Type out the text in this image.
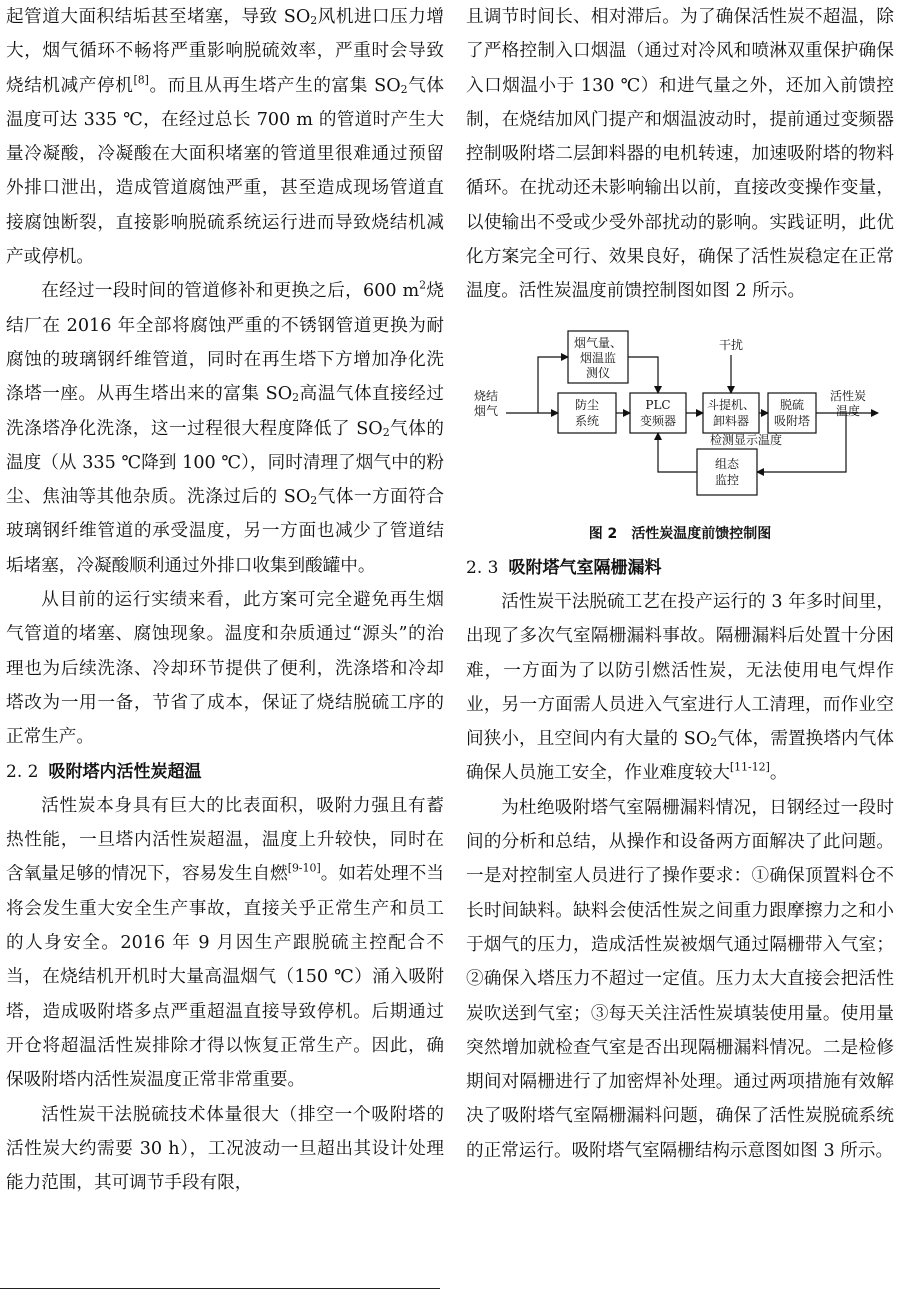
起管道大面积结垢甚至堵塞，导致 $SO_2$风机进口压力增大，烟气循环不畅将严重影响脱硫效率，严重时会导致烧结机减产停机[8]。而且从再生塔产生的富集 $SO_2$气体温度可达 335 ℃，在经过总长 700 m 的管道时产生大量冷凝酸，冷凝酸在大面积堵塞的管道里很难通过预留外排口泄出，造成管道腐蚀严重，甚至造成现场管道直接腐蚀断裂，直接影响脱硫系统运行进而导致烧结机减产或停机。

在经过一段时间的管道修补和更换之后，600 $m^2$烧结厂在 2016 年全部将腐蚀严重的不锈钢管道更换为耐腐蚀的玻璃钢纤维管道，同时在再生塔下方增加净化洗涤塔一座。从再生塔出来的富集 $SO_2$高温气体直接经过洗涤塔净化洗涤，这一过程很大程度降低了 $SO_2$气体的温度（从 335 ℃降到 100 ℃），同时清理了烟气中的粉尘、焦油等其他杂质。洗涤过后的 $SO_2$气体一方面符合玻璃钢纤维管道的承受温度，另一方面也减少了管道结垢堵塞，冷凝酸顺利通过外排口收集到酸罐中。

从目前的运行实绩来看，此方案可完全避免再生烟气管道的堵塞、腐蚀现象。温度和杂质通过“源头”的治理也为后续洗涤、冷却环节提供了便利，洗涤塔和冷却塔改为一用一备，节省了成本，保证了烧结脱硫工序的正常生产。

2. 2 吸附塔内活性炭超温

活性炭本身具有巨大的比表面积，吸附力强且有蓄热性能，一旦塔内活性炭超温，温度上升较快，同时在含氧量足够的情况下，容易发生自燃[9-10]。如若处理不当将会发生重大安全生产事故，直接关乎正常生产和员工的人身安全。2016 年 9 月因生产跟脱硫主控配合不当，在烧结机开机时大量高温烟气（150 ℃）涌入吸附塔，造成吸附塔多点严重超温直接导致停机。后期通过开仓将超温活性炭排除才得以恢复正常生产。因此，确保吸附塔内活性炭温度正常非常重要。

活性炭干法脱硫技术体量很大（排空一个吸附塔的活性炭大约需要 30 h），工况波动一旦超出其设计处理能力范围，其可调节手段有限，

且调节时间长、相对滞后。为了确保活性炭不超温，除了严格控制入口烟温（通过对冷风和喷淋双重保护确保入口烟温小于 130 ℃）和进气量之外，还加入前馈控制，在烧结加风门提产和烟温波动时，提前通过变频器控制吸附塔二层卸料器的电机转速，加速吸附塔的物料循环。在扰动还未影响输出以前，直接改变操作变量，以使输出不受或少受外部扰动的影响。实践证明，此优化方案完全可行、效果良好，确保了活性炭稳定在正常温度。活性炭温度前馈控制图如图 2 所示。

烧结
烟气
烟气量、
烟温监
测仪
防尘
系统
PLC
变频器
干扰
斗提机、
卸料器
脱硫
吸附塔
活性炭
温度
检测显示温度
组态
监控

图 2 活性炭温度前馈控制图

2. 3 吸附塔气室隔栅漏料

活性炭干法脱硫工艺在投产运行的 3 年多时间里，出现了多次气室隔栅漏料事故。隔栅漏料后处置十分困难，一方面为了以防引燃活性炭，无法使用电气焊作业，另一方面需人员进入气室进行人工清理，而作业空间狭小，且空间内有大量的 $SO_2$气体，需置换塔内气体确保人员施工安全，作业难度较大[11-12]。

为杜绝吸附塔气室隔栅漏料情况，日钢经过一段时间的分析和总结，从操作和设备两方面解决了此问题。一是对控制室人员进行了操作要求：①确保顶置料仓不长时间缺料。缺料会使活性炭之间重力跟摩擦力之和小于烟气的压力，造成活性炭被烟气通过隔栅带入气室；②确保入塔压力不超过一定值。压力太大直接会把活性炭吹送到气室；③每天关注活性炭填装使用量。使用量突然增加就检查气室是否出现隔栅漏料情况。二是检修期间对隔栅进行了加密焊补处理。通过两项措施有效解决了吸附塔气室隔栅漏料问题，确保了活性炭脱硫系统的正常运行。吸附塔气室隔栅结构示意图如图 3 所示。
